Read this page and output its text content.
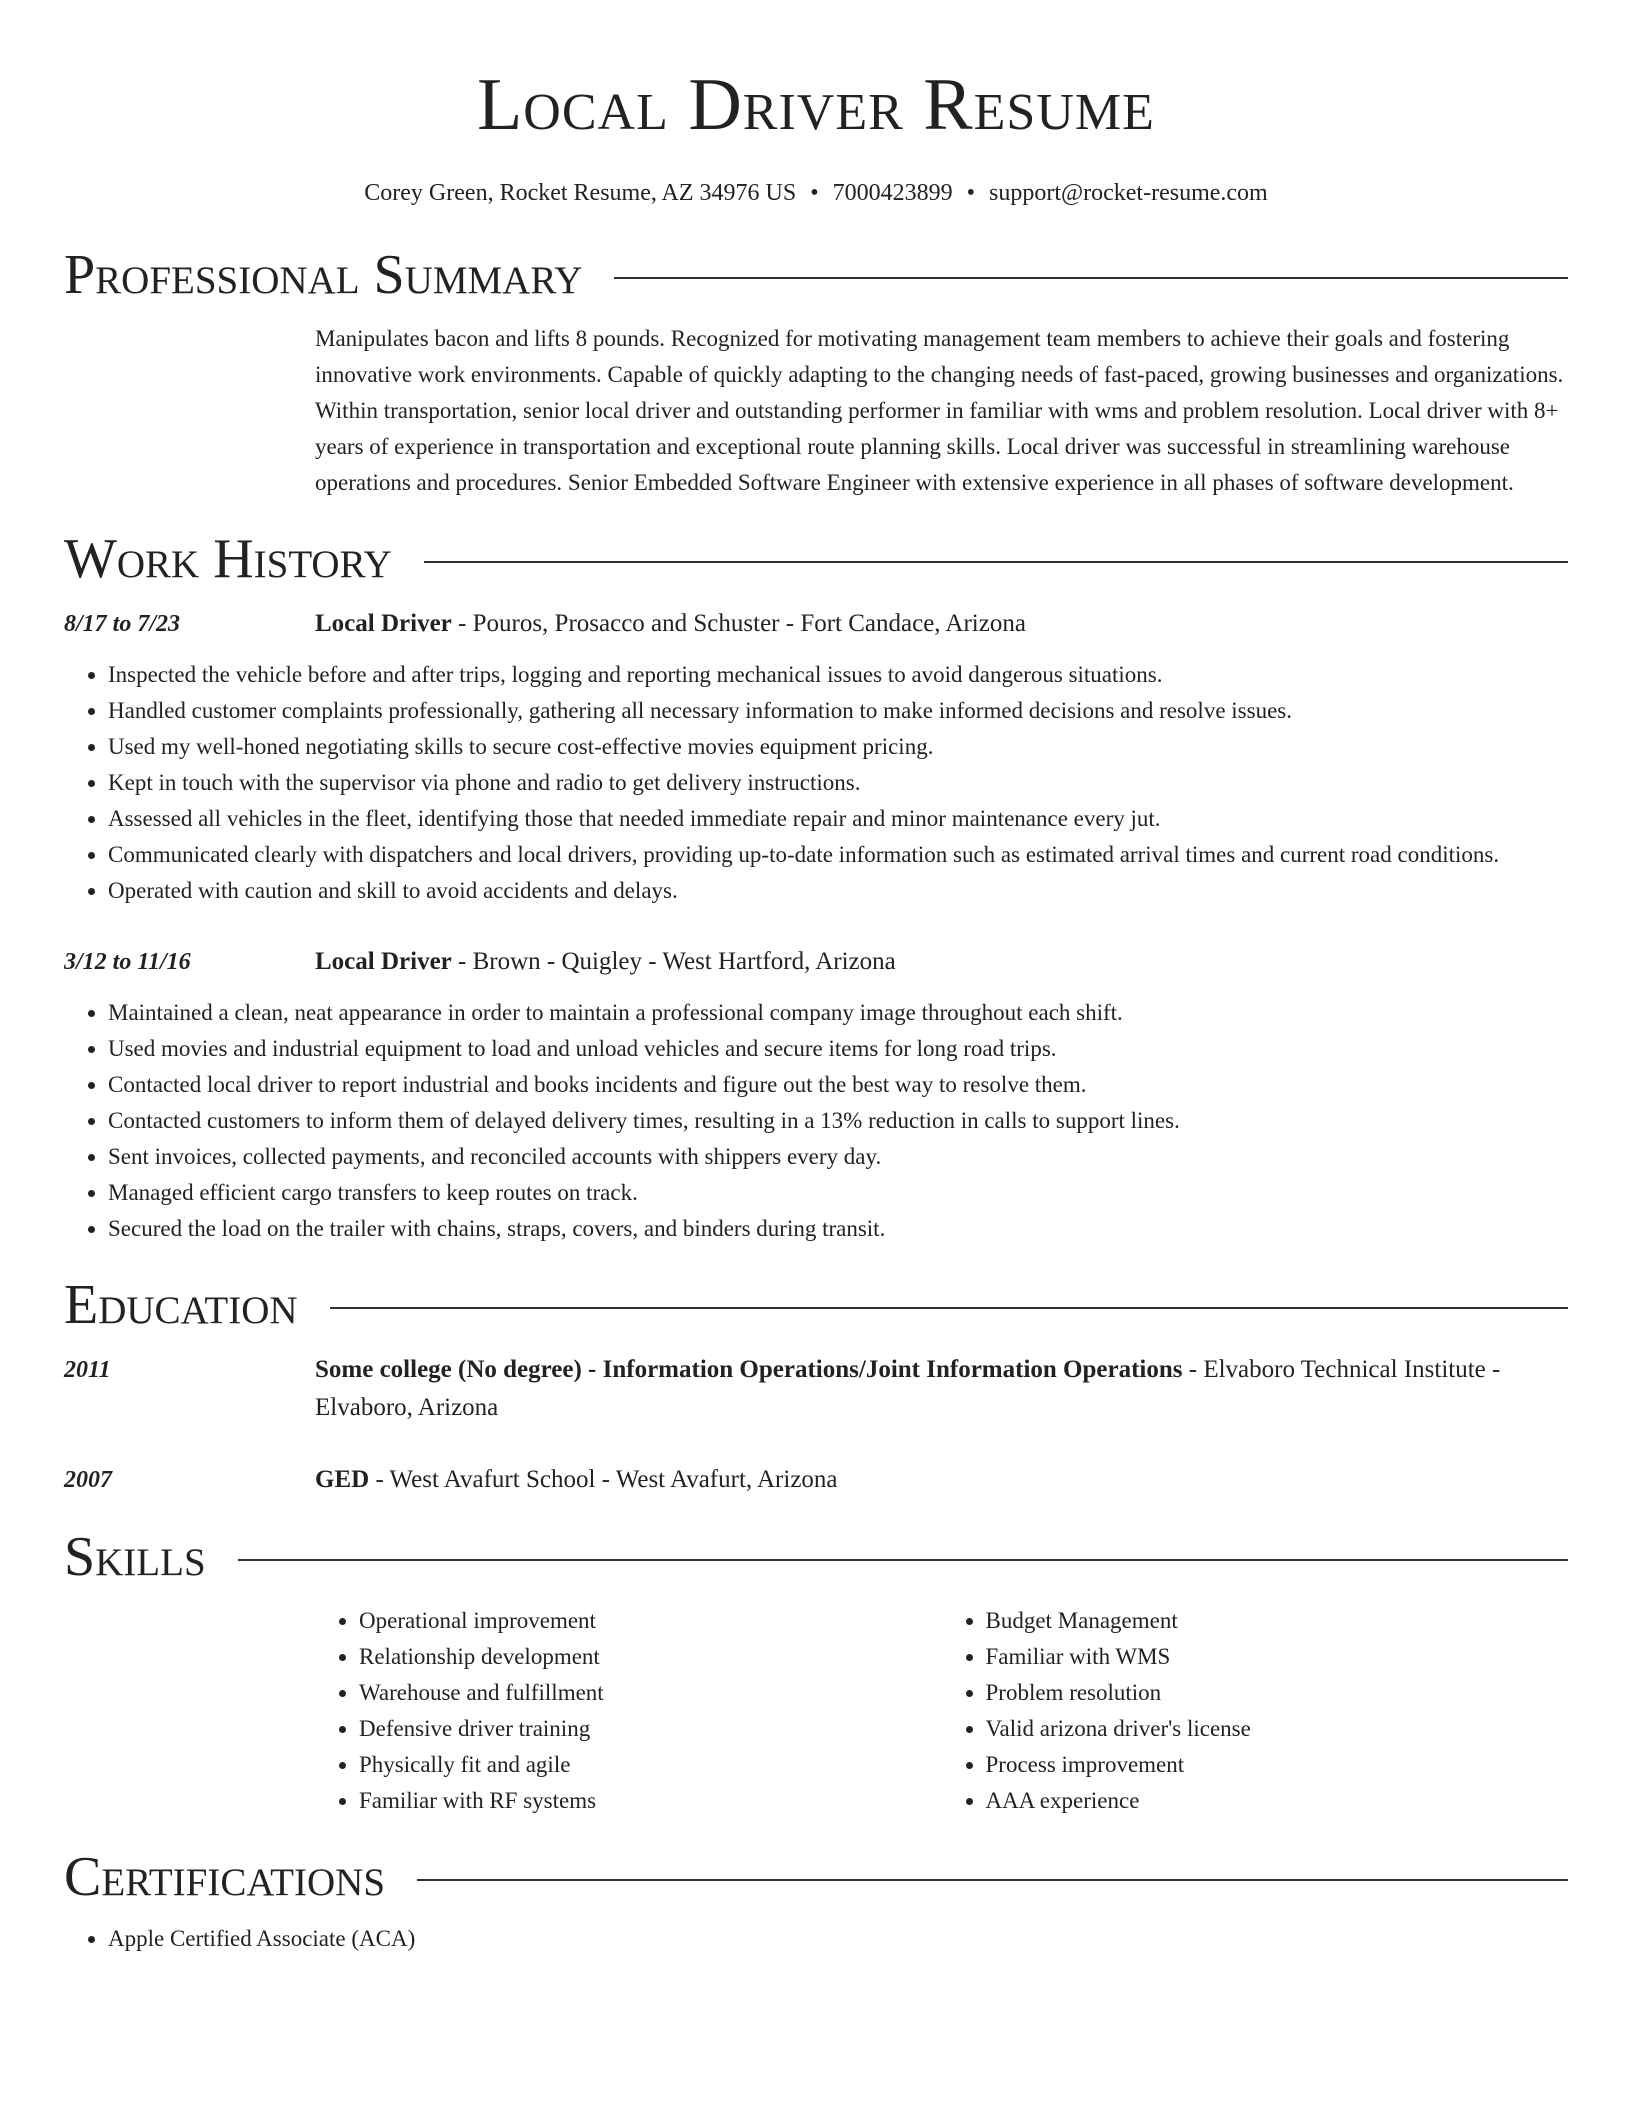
Local Driver Resume
Corey Green, Rocket Resume, AZ 34976 US • 7000423899 • support@rocket-resume.com
Professional Summary

Manipulates bacon and lifts 8 pounds. Recognized for motivating management team members to achieve their goals and fostering innovative work environments. Capable of quickly adapting to the changing needs of fast-paced, growing businesses and organizations. Within transportation, senior local driver and outstanding performer in familiar with wms and problem resolution. Local driver with 8+ years of experience in transportation and exceptional route planning skills. Local driver was successful in streamlining warehouse operations and procedures. Senior Embedded Software Engineer with extensive experience in all phases of software development.

Work History
8/17 to 7/23	Local Driver - Pouros, Prosacco and Schuster - Fort Candace, Arizona
• Inspected the vehicle before and after trips, logging and reporting mechanical issues to avoid dangerous situations.
• Handled customer complaints professionally, gathering all necessary information to make informed decisions and resolve issues.
• Used my well-honed negotiating skills to secure cost-effective movies equipment pricing.
• Kept in touch with the supervisor via phone and radio to get delivery instructions.
• Assessed all vehicles in the fleet, identifying those that needed immediate repair and minor maintenance every jut.
• Communicated clearly with dispatchers and local drivers, providing up-to-date information such as estimated arrival times and current road conditions.
• Operated with caution and skill to avoid accidents and delays.
3/12 to 11/16	Local Driver - Brown - Quigley - West Hartford, Arizona
• Maintained a clean, neat appearance in order to maintain a professional company image throughout each shift.
• Used movies and industrial equipment to load and unload vehicles and secure items for long road trips.
• Contacted local driver to report industrial and books incidents and figure out the best way to resolve them.
• Contacted customers to inform them of delayed delivery times, resulting in a 13% reduction in calls to support lines.
• Sent invoices, collected payments, and reconciled accounts with shippers every day.
• Managed efficient cargo transfers to keep routes on track.
• Secured the load on the trailer with chains, straps, covers, and binders during transit.
Education
2011	Some college (No degree) - Information Operations/Joint Information Operations - Elvaboro Technical Institute - Elvaboro, Arizona
2007	GED - West Avafurt School - West Avafurt, Arizona
Skills
• Operational improvement
• Relationship development
• Warehouse and fulfillment
• Defensive driver training
• Physically fit and agile
• Familiar with RF systems
• Budget Management
• Familiar with WMS
• Problem resolution
• Valid arizona driver's license
• Process improvement
• AAA experience
Certifications
• Apple Certified Associate (ACA)
